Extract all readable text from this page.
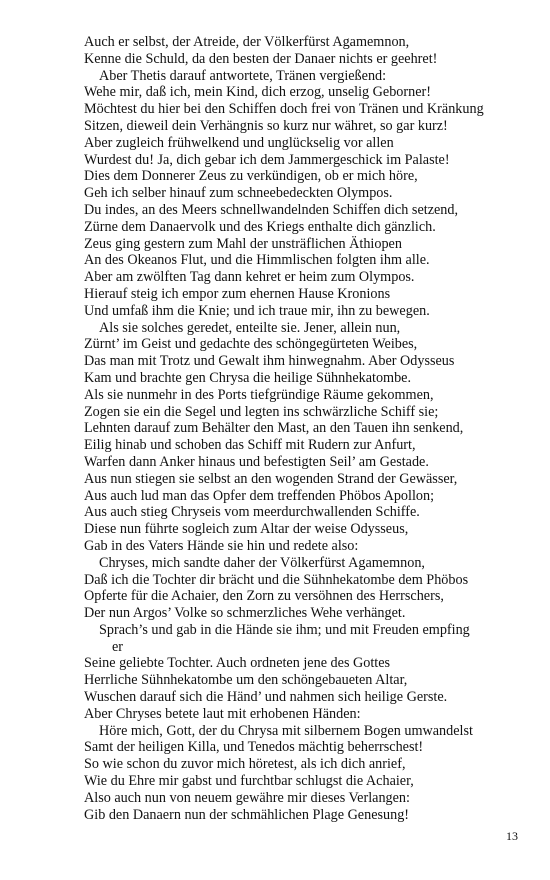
Auch er selbst, der Atreide, der Völkerfürst Agamemnon,
Kenne die Schuld, da den besten der Danaer nichts er geehret!
Aber Thetis darauf antwortete, Tränen vergießend:
Wehe mir, daß ich, mein Kind, dich erzog, unselig Geborner!
Möchtest du hier bei den Schiffen doch frei von Tränen und Kränkung
Sitzen, dieweil dein Verhängnis so kurz nur währet, so gar kurz!
Aber zugleich frühwelkend und unglückselig vor allen
Wurdest du! Ja, dich gebar ich dem Jammergeschick im Palaste!
Dies dem Donnerer Zeus zu verkündigen, ob er mich höre,
Geh ich selber hinauf zum schneebedeckten Olympos.
Du indes, an des Meers schnellwandelnden Schiffen dich setzend,
Zürne dem Danaervolk und des Kriegs enthalte dich gänzlich.
Zeus ging gestern zum Mahl der unsträflichen Äthiopen
An des Okeanos Flut, und die Himmlischen folgten ihm alle.
Aber am zwölften Tag dann kehret er heim zum Olympos.
Hierauf steig ich empor zum ehernen Hause Kronions
Und umfaß ihm die Knie; und ich traue mir, ihn zu bewegen.
Als sie solches geredet, enteilte sie. Jener, allein nun,
Zürnt’ im Geist und gedachte des schöngegürteten Weibes,
Das man mit Trotz und Gewalt ihm hinwegnahm. Aber Odysseus
Kam und brachte gen Chrysa die heilige Sühnhekatombe.
Als sie nunmehr in des Ports tiefgründige Räume gekommen,
Zogen sie ein die Segel und legten ins schwärzliche Schiff sie;
Lehnten darauf zum Behälter den Mast, an den Tauen ihn senkend,
Eilig hinab und schoben das Schiff mit Rudern zur Anfurt,
Warfen dann Anker hinaus und befestigten Seil’ am Gestade.
Aus nun stiegen sie selbst an den wogenden Strand der Gewässer,
Aus auch lud man das Opfer dem treffenden Phöbos Apollon;
Aus auch stieg Chryseis vom meerdurchwallenden Schiffe.
Diese nun führte sogleich zum Altar der weise Odysseus,
Gab in des Vaters Hände sie hin und redete also:
Chryses, mich sandte daher der Völkerfürst Agamemnon,
Daß ich die Tochter dir brächt und die Sühnhekatombe dem Phöbos
Opferte für die Achaier, den Zorn zu versöhnen des Herrschers,
Der nun Argos’ Volke so schmerzliches Wehe verhänget.
Sprach’s und gab in die Hände sie ihm; und mit Freuden empfing
er
Seine geliebte Tochter. Auch ordneten jene des Gottes
Herrliche Sühnhekatombe um den schöngebaueten Altar,
Wuschen darauf sich die Händ’ und nahmen sich heilige Gerste.
Aber Chryses betete laut mit erhobenen Händen:
Höre mich, Gott, der du Chrysa mit silbernem Bogen umwandelst
Samt der heiligen Killa, und Tenedos mächtig beherrschest!
So wie schon du zuvor mich höretest, als ich dich anrief,
Wie du Ehre mir gabst und furchtbar schlugst die Achaier,
Also auch nun von neuem gewähre mir dieses Verlangen:
Gib den Danaern nun der schmählichen Plage Genesung!
13
